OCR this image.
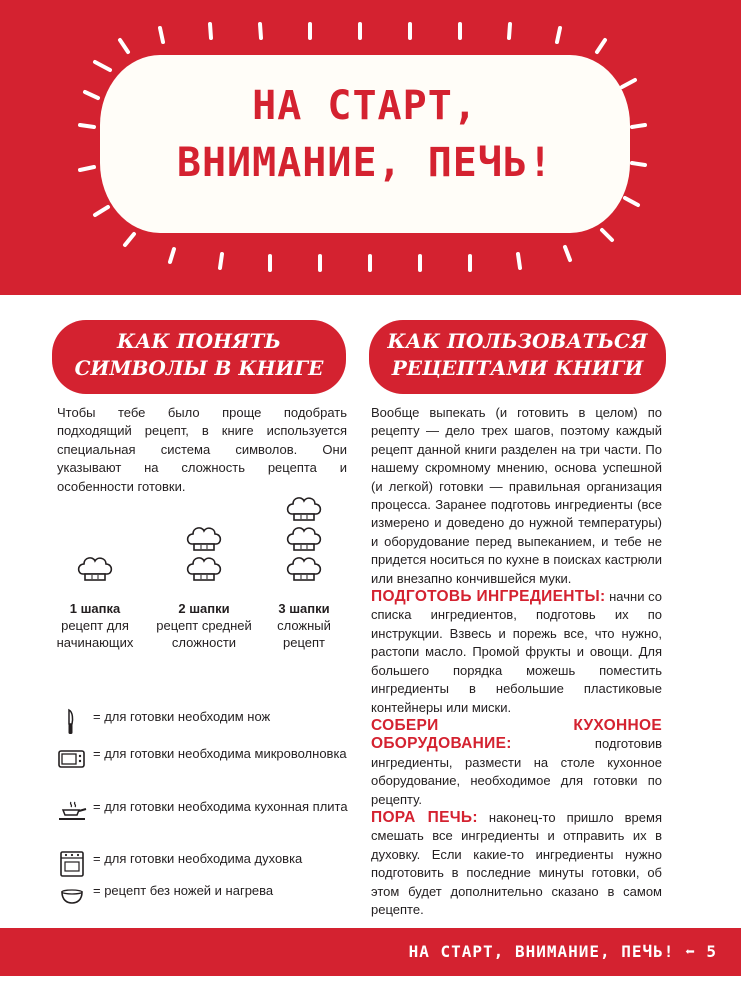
НА СТАРТ,
ВНИМАНИЕ, ПЕЧЬ!
КАК ПОНЯТЬ
СИМВОЛЫ В КНИГЕ
КАК ПОЛЬЗОВАТЬСЯ
РЕЦЕПТАМИ КНИГИ
Чтобы тебе было проще подобрать подходящий рецепт, в книге используется специальная система символов. Они указывают на сложность рецепта и особенности готовки.
1 шапка
рецепт для начинающих
2 шапки
рецепт средней сложности
3 шапки
сложный рецепт
= для готовки необходим нож
= для готовки необходима микроволновка
= для готовки необходима кухонная плита
= для готовки необходима духовка
= рецепт без ножей и нагрева

Вообще выпекать (и готовить в целом) по рецепту — дело трех шагов, поэтому каждый рецепт данной книги разделен на три части. По нашему скромному мнению, основа успешной (и легкой) готовки — правильная организация процесса. Заранее подготовь ингредиенты (все измерено и доведено до нужной температуры) и оборудование перед выпеканием, и тебе не придется носиться по кухне в поисках кастрюли или внезапно кончившейся муки.

ПОДГОТОВЬ ИНГРЕДИЕНТЫ: начни со списка ингредиентов, подготовь их по инструкции. Взвесь и порежь все, что нужно, растопи масло. Промой фрукты и овощи. Для большего порядка можешь поместить ингредиенты в небольшие пластиковые контейнеры или миски.

СОБЕРИ КУХОННОЕ ОБОРУДОВАНИЕ: подготовив ингредиенты, размести на столе кухонное оборудование, необходимое для готовки по рецепту.

ПОРА ПЕЧЬ: наконец-то пришло время смешать все ингредиенты и отправить их в духовку. Если какие-то ингредиенты нужно подготовить в последние минуты готовки, об этом будет дополнительно сказано в самом рецепте.

НА СТАРТ, ВНИМАНИЕ, ПЕЧЬ! ⬅ 5
